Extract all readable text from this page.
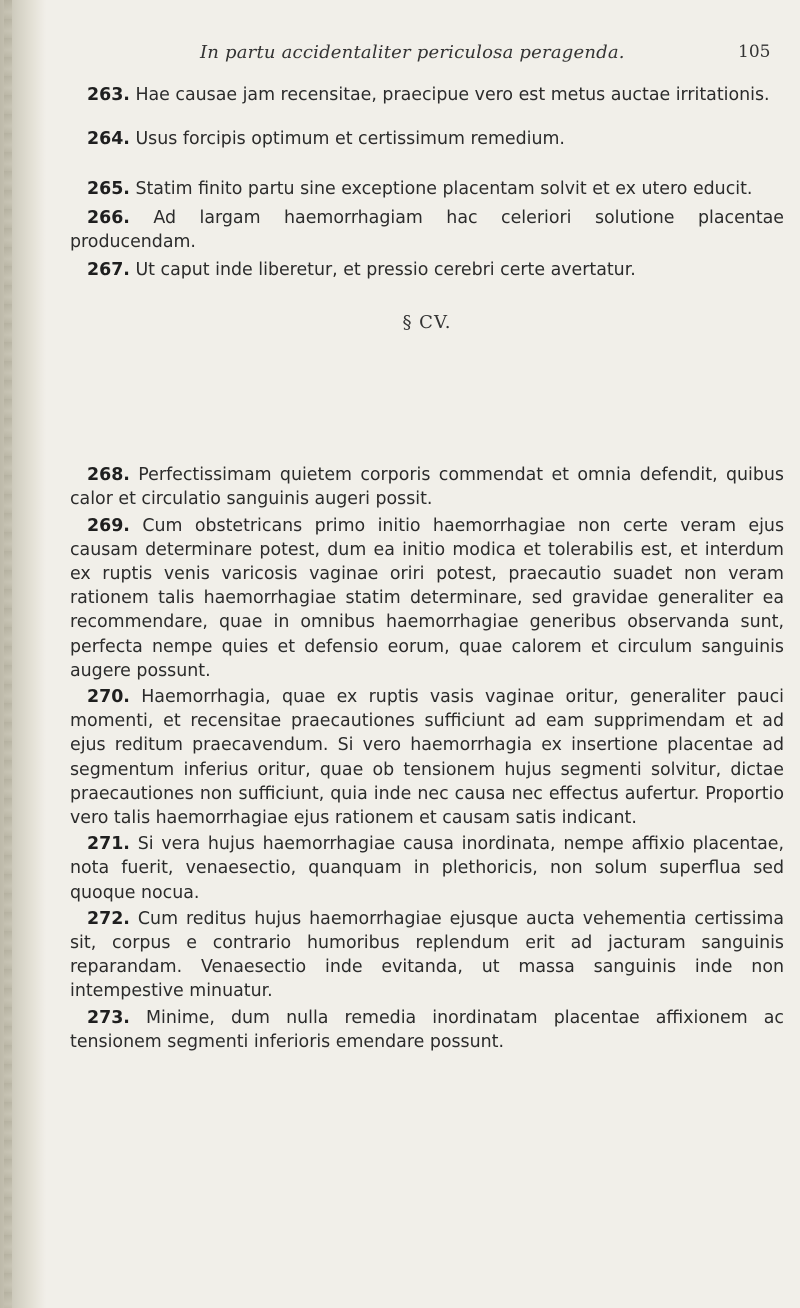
In partu accidentaliter periculosa peragenda.	105

263. Hae causae jam recensitae, praecipue vero est metus auctae irritationis.

264. Usus forcipis optimum et certissimum remedium.

265. Statim finito partu sine exceptione placentam solvit et ex utero educit.

266. Ad largam haemorrhagiam hac celeriori solutione placentae producendam.

267. Ut caput inde liberetur, et pressio cerebri certe avertatur.

§ CV.

268. Perfectissimam quietem corporis commendat et omnia defendit, quibus calor et circulatio sanguinis augeri possit.

269. Cum obstetricans primo initio haemorrhagiae non certe veram ejus causam determinare potest, dum ea initio modica et tolerabilis est, et interdum ex ruptis venis varicosis vaginae oriri potest, praecautio suadet non veram rationem talis haemorrhagiae statim determinare, sed gravidae generaliter ea recommendare, quae in omnibus haemorrhagiae generibus observanda sunt, perfecta nempe quies et defensio eorum, quae calorem et circulum sanguinis augere possunt.

270. Haemorrhagia, quae ex ruptis vasis vaginae oritur, generaliter pauci momenti, et recensitae praecautiones sufficiunt ad eam supprimendam et ad ejus reditum praecavendum. Si vero haemorrhagia ex insertione placentae ad segmentum inferius oritur, quae ob tensionem hujus segmenti solvitur, dictae praecautiones non sufficiunt, quia inde nec causa nec effectus aufertur. Proportio vero talis haemorrhagiae ejus rationem et causam satis indicant.

271. Si vera hujus haemorrhagiae causa inordinata, nempe affixio placentae, nota fuerit, venaesectio, quanquam in plethoricis, non solum superflua sed quoque nocua.

272. Cum reditus hujus haemorrhagiae ejusque aucta vehementia certissima sit, corpus e contrario humoribus replendum erit ad jacturam sanguinis reparandam. Venaesectio inde evitanda, ut massa sanguinis inde non intempestive minuatur.

273. Minime, dum nulla remedia inordinatam placentae affixionem ac tensionem segmenti inferioris emendare possunt.
